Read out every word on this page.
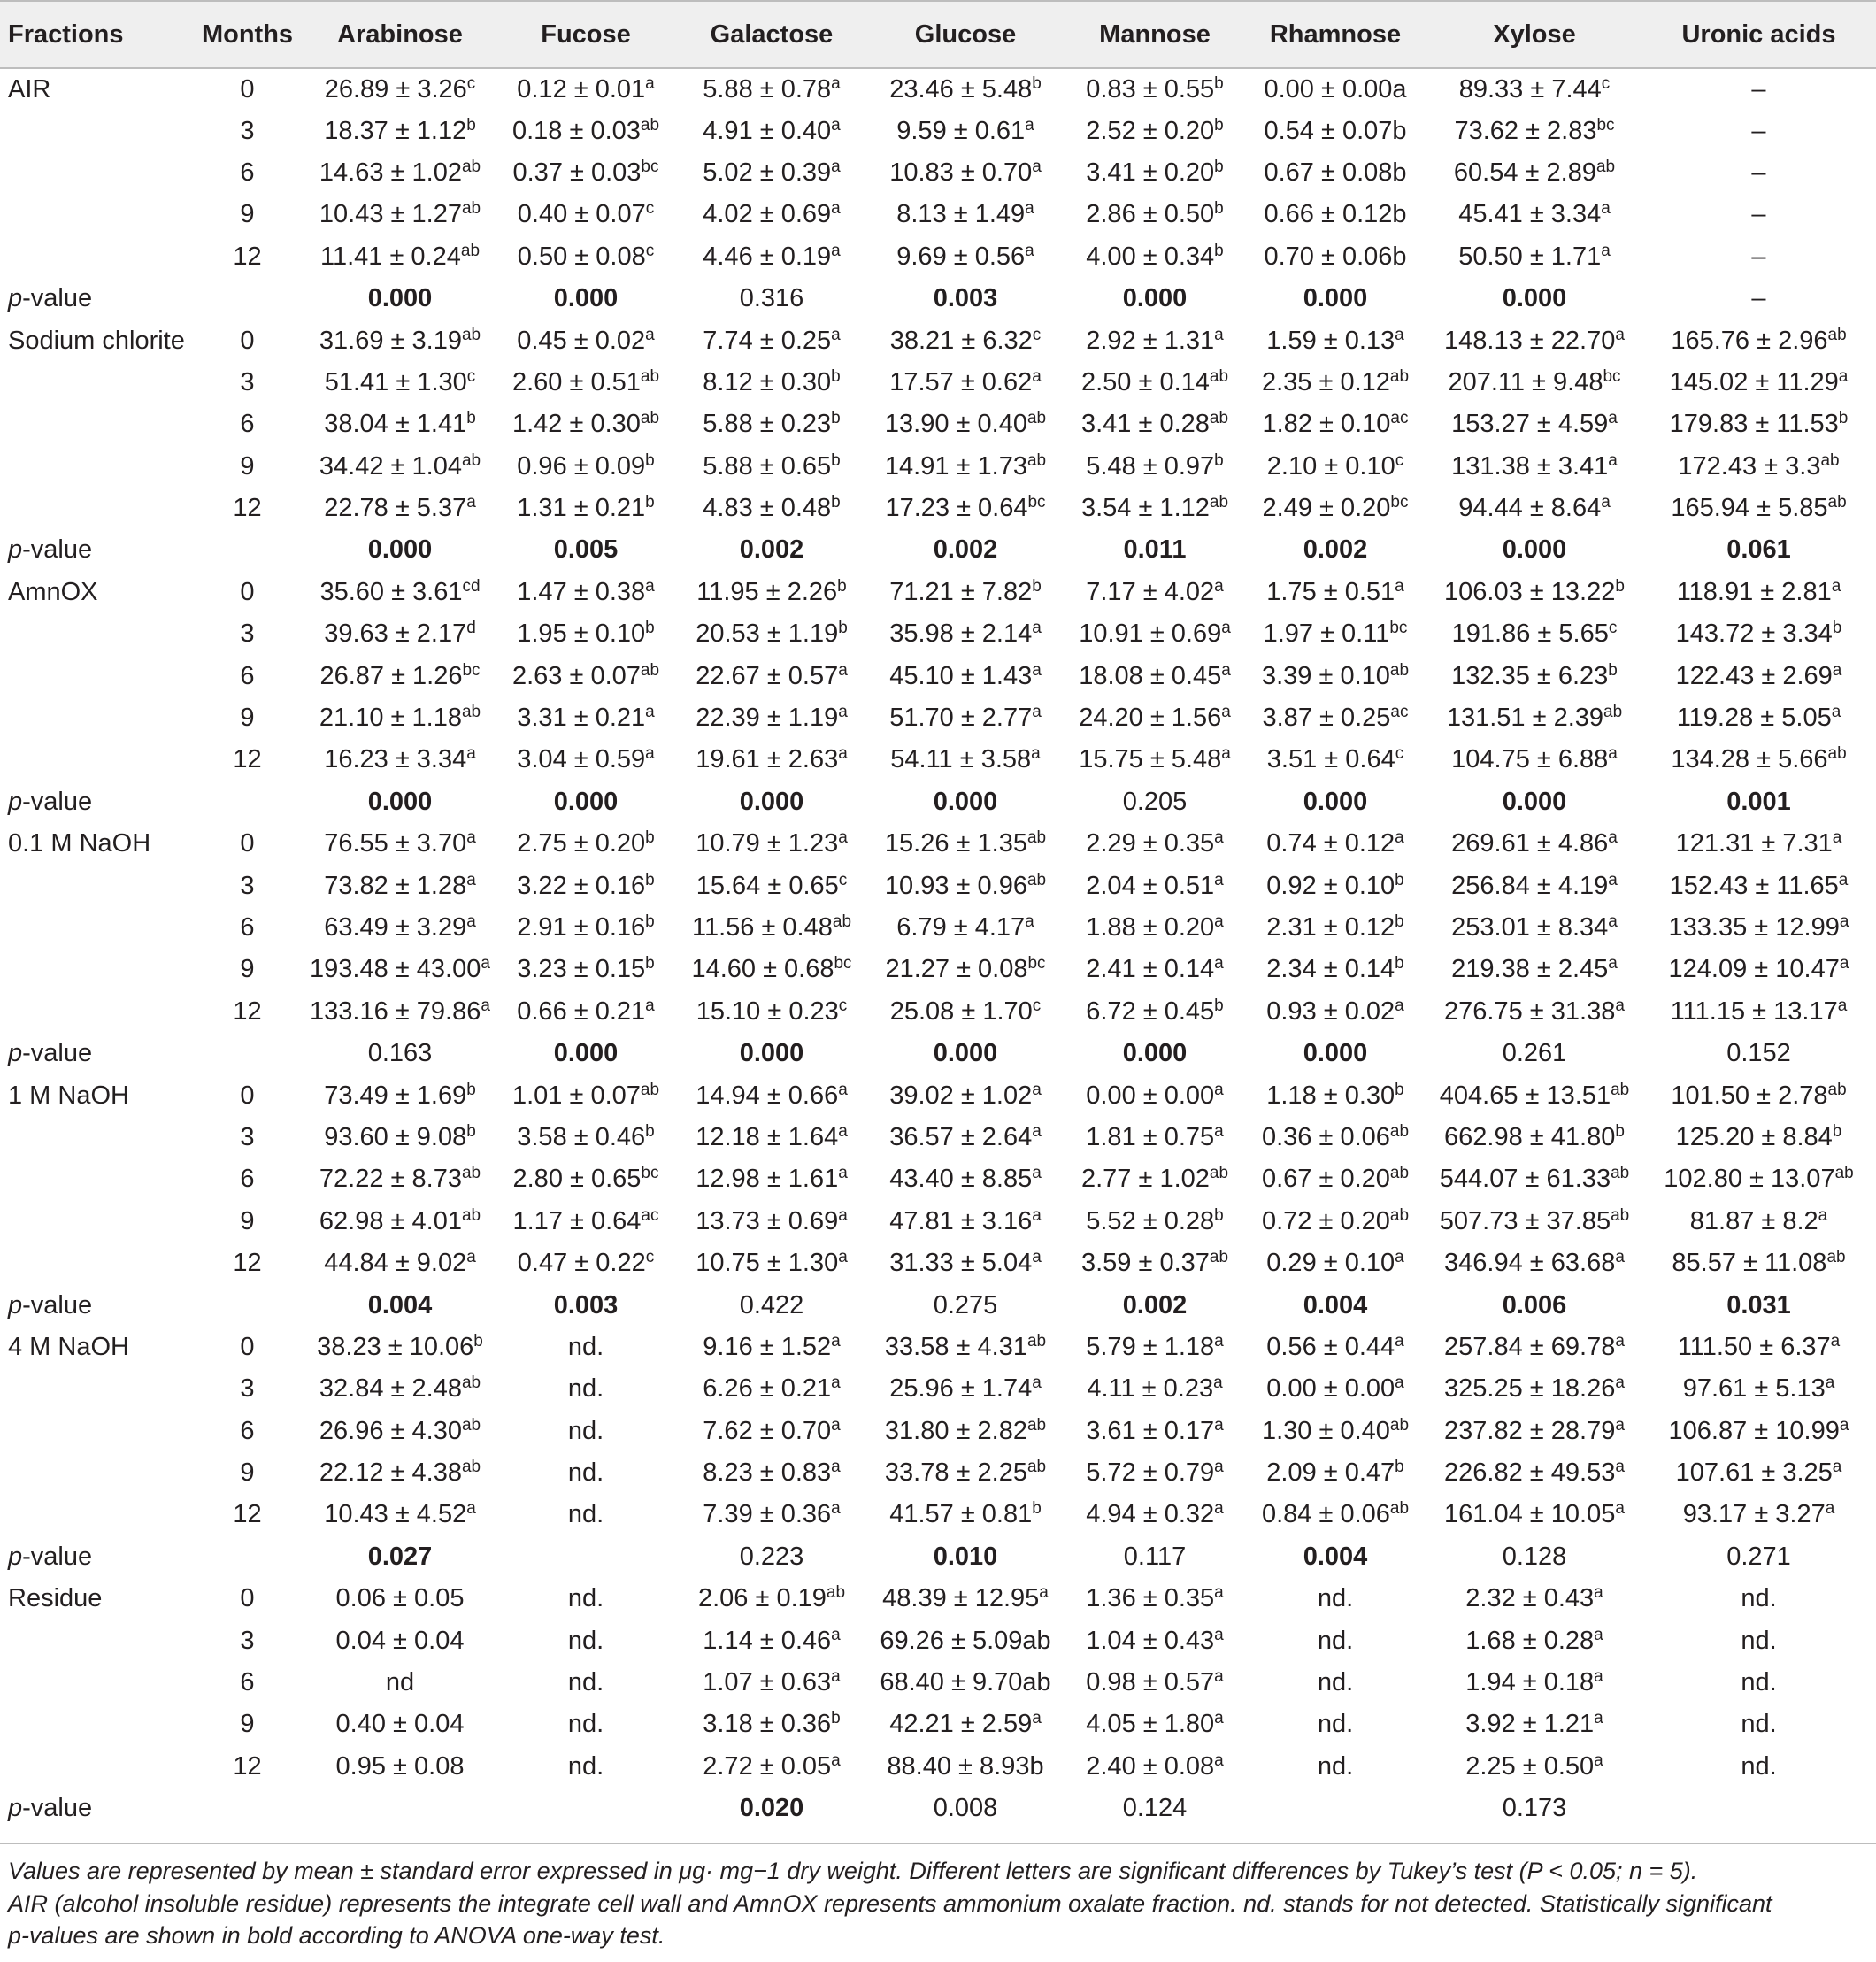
Fractions	Months	Arabinose	Fucose	Galactose	Glucose	Mannose	Rhamnose	Xylose	Uronic acids
AIR	0	26.89 ± 3.26$^c$	0.12 ± 0.01$^a$	5.88 ± 0.78$^a$	23.46 ± 5.48$^b$	0.83 ± 0.55$^b$	0.00 ± 0.00a	89.33 ± 7.44$^c$	–
	3	18.37 ± 1.12$^b$	0.18 ± 0.03$^{ab}$	4.91 ± 0.40$^a$	9.59 ± 0.61$^a$	2.52 ± 0.20$^b$	0.54 ± 0.07b	73.62 ± 2.83$^{bc}$	–
	6	14.63 ± 1.02$^{ab}$	0.37 ± 0.03$^{bc}$	5.02 ± 0.39$^a$	10.83 ± 0.70$^a$	3.41 ± 0.20$^b$	0.67 ± 0.08b	60.54 ± 2.89$^{ab}$	–
	9	10.43 ± 1.27$^{ab}$	0.40 ± 0.07$^c$	4.02 ± 0.69$^a$	8.13 ± 1.49$^a$	2.86 ± 0.50$^b$	0.66 ± 0.12b	45.41 ± 3.34$^a$	–
	12	11.41 ± 0.24$^{ab}$	0.50 ± 0.08$^c$	4.46 ± 0.19$^a$	9.69 ± 0.56$^a$	4.00 ± 0.34$^b$	0.70 ± 0.06b	50.50 ± 1.71$^a$	–
p-value		0.000	0.000	0.316	0.003	0.000	0.000	0.000	–
Sodium chlorite	0	31.69 ± 3.19$^{ab}$	0.45 ± 0.02$^a$	7.74 ± 0.25$^a$	38.21 ± 6.32$^c$	2.92 ± 1.31$^a$	1.59 ± 0.13$^a$	148.13 ± 22.70$^a$	165.76 ± 2.96$^{ab}$
	3	51.41 ± 1.30$^c$	2.60 ± 0.51$^{ab}$	8.12 ± 0.30$^b$	17.57 ± 0.62$^a$	2.50 ± 0.14$^{ab}$	2.35 ± 0.12$^{ab}$	207.11 ± 9.48$^{bc}$	145.02 ± 11.29$^a$
	6	38.04 ± 1.41$^b$	1.42 ± 0.30$^{ab}$	5.88 ± 0.23$^b$	13.90 ± 0.40$^{ab}$	3.41 ± 0.28$^{ab}$	1.82 ± 0.10$^{ac}$	153.27 ± 4.59$^a$	179.83 ± 11.53$^b$
	9	34.42 ± 1.04$^{ab}$	0.96 ± 0.09$^b$	5.88 ± 0.65$^b$	14.91 ± 1.73$^{ab}$	5.48 ± 0.97$^b$	2.10 ± 0.10$^c$	131.38 ± 3.41$^a$	172.43 ± 3.3$^{ab}$
	12	22.78 ± 5.37$^a$	1.31 ± 0.21$^b$	4.83 ± 0.48$^b$	17.23 ± 0.64$^{bc}$	3.54 ± 1.12$^{ab}$	2.49 ± 0.20$^{bc}$	94.44 ± 8.64$^a$	165.94 ± 5.85$^{ab}$
p-value		0.000	0.005	0.002	0.002	0.011	0.002	0.000	0.061
AmnOX	0	35.60 ± 3.61$^{cd}$	1.47 ± 0.38$^a$	11.95 ± 2.26$^b$	71.21 ± 7.82$^b$	7.17 ± 4.02$^a$	1.75 ± 0.51$^a$	106.03 ± 13.22$^b$	118.91 ± 2.81$^a$
	3	39.63 ± 2.17$^d$	1.95 ± 0.10$^b$	20.53 ± 1.19$^b$	35.98 ± 2.14$^a$	10.91 ± 0.69$^a$	1.97 ± 0.11$^{bc}$	191.86 ± 5.65$^c$	143.72 ± 3.34$^b$
	6	26.87 ± 1.26$^{bc}$	2.63 ± 0.07$^{ab}$	22.67 ± 0.57$^a$	45.10 ± 1.43$^a$	18.08 ± 0.45$^a$	3.39 ± 0.10$^{ab}$	132.35 ± 6.23$^b$	122.43 ± 2.69$^a$
	9	21.10 ± 1.18$^{ab}$	3.31 ± 0.21$^a$	22.39 ± 1.19$^a$	51.70 ± 2.77$^a$	24.20 ± 1.56$^a$	3.87 ± 0.25$^{ac}$	131.51 ± 2.39$^{ab}$	119.28 ± 5.05$^a$
	12	16.23 ± 3.34$^a$	3.04 ± 0.59$^a$	19.61 ± 2.63$^a$	54.11 ± 3.58$^a$	15.75 ± 5.48$^a$	3.51 ± 0.64$^c$	104.75 ± 6.88$^a$	134.28 ± 5.66$^{ab}$
p-value		0.000	0.000	0.000	0.000	0.205	0.000	0.000	0.001
0.1 M NaOH	0	76.55 ± 3.70$^a$	2.75 ± 0.20$^b$	10.79 ± 1.23$^a$	15.26 ± 1.35$^{ab}$	2.29 ± 0.35$^a$	0.74 ± 0.12$^a$	269.61 ± 4.86$^a$	121.31 ± 7.31$^a$
	3	73.82 ± 1.28$^a$	3.22 ± 0.16$^b$	15.64 ± 0.65$^c$	10.93 ± 0.96$^{ab}$	2.04 ± 0.51$^a$	0.92 ± 0.10$^b$	256.84 ± 4.19$^a$	152.43 ± 11.65$^a$
	6	63.49 ± 3.29$^a$	2.91 ± 0.16$^b$	11.56 ± 0.48$^{ab}$	6.79 ± 4.17$^a$	1.88 ± 0.20$^a$	2.31 ± 0.12$^b$	253.01 ± 8.34$^a$	133.35 ± 12.99$^a$
	9	193.48 ± 43.00$^a$	3.23 ± 0.15$^b$	14.60 ± 0.68$^{bc}$	21.27 ± 0.08$^{bc}$	2.41 ± 0.14$^a$	2.34 ± 0.14$^b$	219.38 ± 2.45$^a$	124.09 ± 10.47$^a$
	12	133.16 ± 79.86$^a$	0.66 ± 0.21$^a$	15.10 ± 0.23$^c$	25.08 ± 1.70$^c$	6.72 ± 0.45$^b$	0.93 ± 0.02$^a$	276.75 ± 31.38$^a$	111.15 ± 13.17$^a$
p-value		0.163	0.000	0.000	0.000	0.000	0.000	0.261	0.152
1 M NaOH	0	73.49 ± 1.69$^b$	1.01 ± 0.07$^{ab}$	14.94 ± 0.66$^a$	39.02 ± 1.02$^a$	0.00 ± 0.00$^a$	1.18 ± 0.30$^b$	404.65 ± 13.51$^{ab}$	101.50 ± 2.78$^{ab}$
	3	93.60 ± 9.08$^b$	3.58 ± 0.46$^b$	12.18 ± 1.64$^a$	36.57 ± 2.64$^a$	1.81 ± 0.75$^a$	0.36 ± 0.06$^{ab}$	662.98 ± 41.80$^b$	125.20 ± 8.84$^b$
	6	72.22 ± 8.73$^{ab}$	2.80 ± 0.65$^{bc}$	12.98 ± 1.61$^a$	43.40 ± 8.85$^a$	2.77 ± 1.02$^{ab}$	0.67 ± 0.20$^{ab}$	544.07 ± 61.33$^{ab}$	102.80 ± 13.07$^{ab}$
	9	62.98 ± 4.01$^{ab}$	1.17 ± 0.64$^{ac}$	13.73 ± 0.69$^a$	47.81 ± 3.16$^a$	5.52 ± 0.28$^b$	0.72 ± 0.20$^{ab}$	507.73 ± 37.85$^{ab}$	81.87 ± 8.2$^a$
	12	44.84 ± 9.02$^a$	0.47 ± 0.22$^c$	10.75 ± 1.30$^a$	31.33 ± 5.04$^a$	3.59 ± 0.37$^{ab}$	0.29 ± 0.10$^a$	346.94 ± 63.68$^a$	85.57 ± 11.08$^{ab}$
p-value		0.004	0.003	0.422	0.275	0.002	0.004	0.006	0.031
4 M NaOH	0	38.23 ± 10.06$^b$	nd.	9.16 ± 1.52$^a$	33.58 ± 4.31$^{ab}$	5.79 ± 1.18$^a$	0.56 ± 0.44$^a$	257.84 ± 69.78$^a$	111.50 ± 6.37$^a$
	3	32.84 ± 2.48$^{ab}$	nd.	6.26 ± 0.21$^a$	25.96 ± 1.74$^a$	4.11 ± 0.23$^a$	0.00 ± 0.00$^a$	325.25 ± 18.26$^a$	97.61 ± 5.13$^a$
	6	26.96 ± 4.30$^{ab}$	nd.	7.62 ± 0.70$^a$	31.80 ± 2.82$^{ab}$	3.61 ± 0.17$^a$	1.30 ± 0.40$^{ab}$	237.82 ± 28.79$^a$	106.87 ± 10.99$^a$
	9	22.12 ± 4.38$^{ab}$	nd.	8.23 ± 0.83$^a$	33.78 ± 2.25$^{ab}$	5.72 ± 0.79$^a$	2.09 ± 0.47$^b$	226.82 ± 49.53$^a$	107.61 ± 3.25$^a$
	12	10.43 ± 4.52$^a$	nd.	7.39 ± 0.36$^a$	41.57 ± 0.81$^b$	4.94 ± 0.32$^a$	0.84 ± 0.06$^{ab}$	161.04 ± 10.05$^a$	93.17 ± 3.27$^a$
p-value		0.027		0.223	0.010	0.117	0.004	0.128	0.271
Residue	0	0.06 ± 0.05	nd.	2.06 ± 0.19$^{ab}$	48.39 ± 12.95$^a$	1.36 ± 0.35$^a$	nd.	2.32 ± 0.43$^a$	nd.
	3	0.04 ± 0.04	nd.	1.14 ± 0.46$^a$	69.26 ± 5.09ab	1.04 ± 0.43$^a$	nd.	1.68 ± 0.28$^a$	nd.
	6	nd	nd.	1.07 ± 0.63$^a$	68.40 ± 9.70ab	0.98 ± 0.57$^a$	nd.	1.94 ± 0.18$^a$	nd.
	9	0.40 ± 0.04	nd.	3.18 ± 0.36$^b$	42.21 ± 2.59$^a$	4.05 ± 1.80$^a$	nd.	3.92 ± 1.21$^a$	nd.
	12	0.95 ± 0.08	nd.	2.72 ± 0.05$^a$	88.40 ± 8.93b	2.40 ± 0.08$^a$	nd.	2.25 ± 0.50$^a$	nd.
p-value				0.020	0.008	0.124		0.173	

Values are represented by mean ± standard error expressed in μg· mg−1 dry weight. Different letters are significant differences by Tukey’s test (P < 0.05; n = 5).

AIR (alcohol insoluble residue) represents the integrate cell wall and AmnOX represents ammonium oxalate fraction. nd. stands for not detected. Statistically significant

p-values are shown in bold according to ANOVA one-way test.
